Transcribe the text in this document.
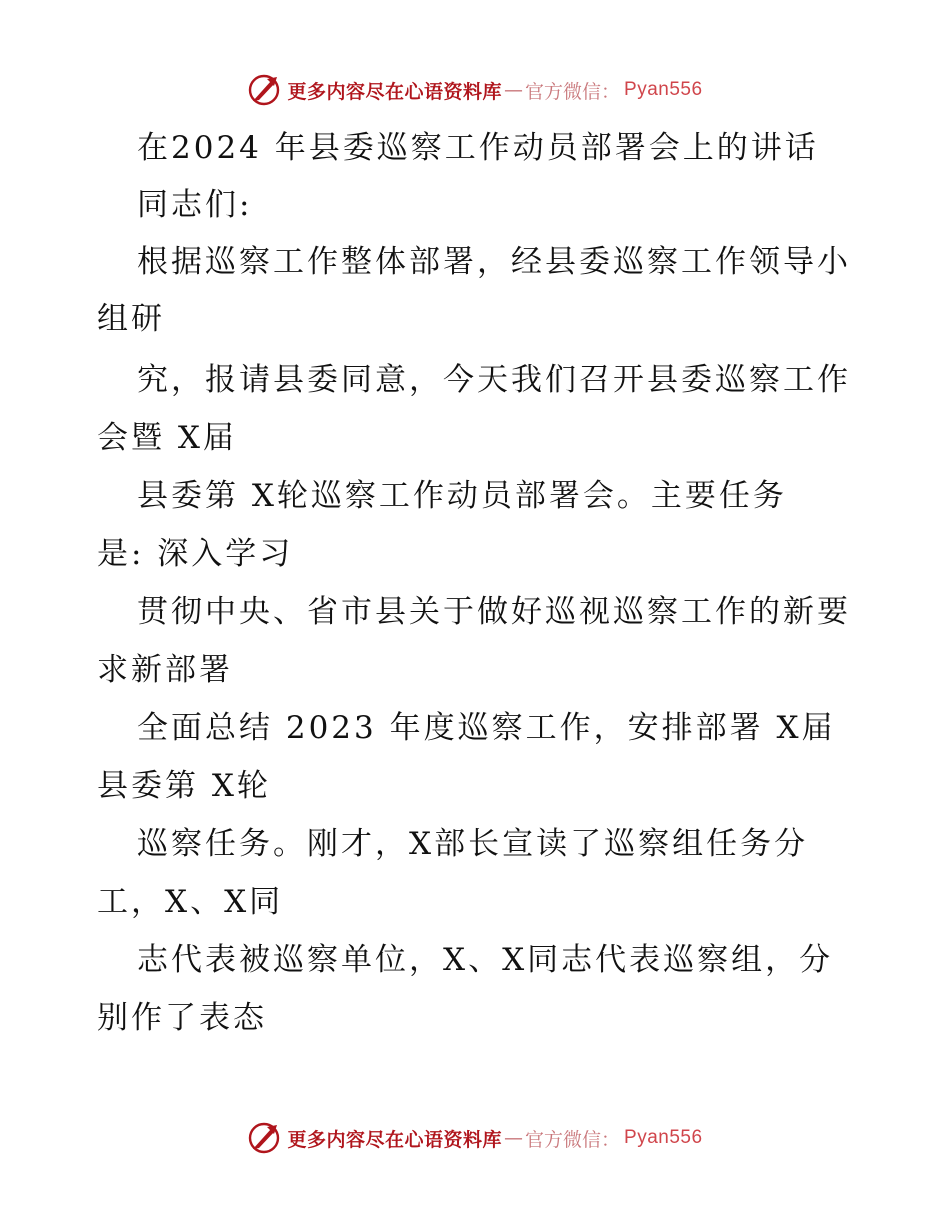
更多内容尽在心语资料库 — 官方微信 ： Pyan556
在2024 年县委巡察工作动员部署会上的讲话
同志们:
根据巡察工作整体部署，经县委巡察工作领导小
组研
究，报请县委同意，今天我们召开县委巡察工作
会暨 X届
县委第 X轮巡察工作动员部署会。主要任务
是: 深入学习
贯彻中央、省市县关于做好巡视巡察工作的新要
求新部署
全面总结 2023 年度巡察工作，安排部署 X届
县委第 X轮
巡察任务。刚才，X部长宣读了巡察组任务分
工，X、X同
志代表被巡察单位，X、X同志代表巡察组，分
别作了表态
更多内容尽在心语资料库 — 官方微信 ： Pyan556
